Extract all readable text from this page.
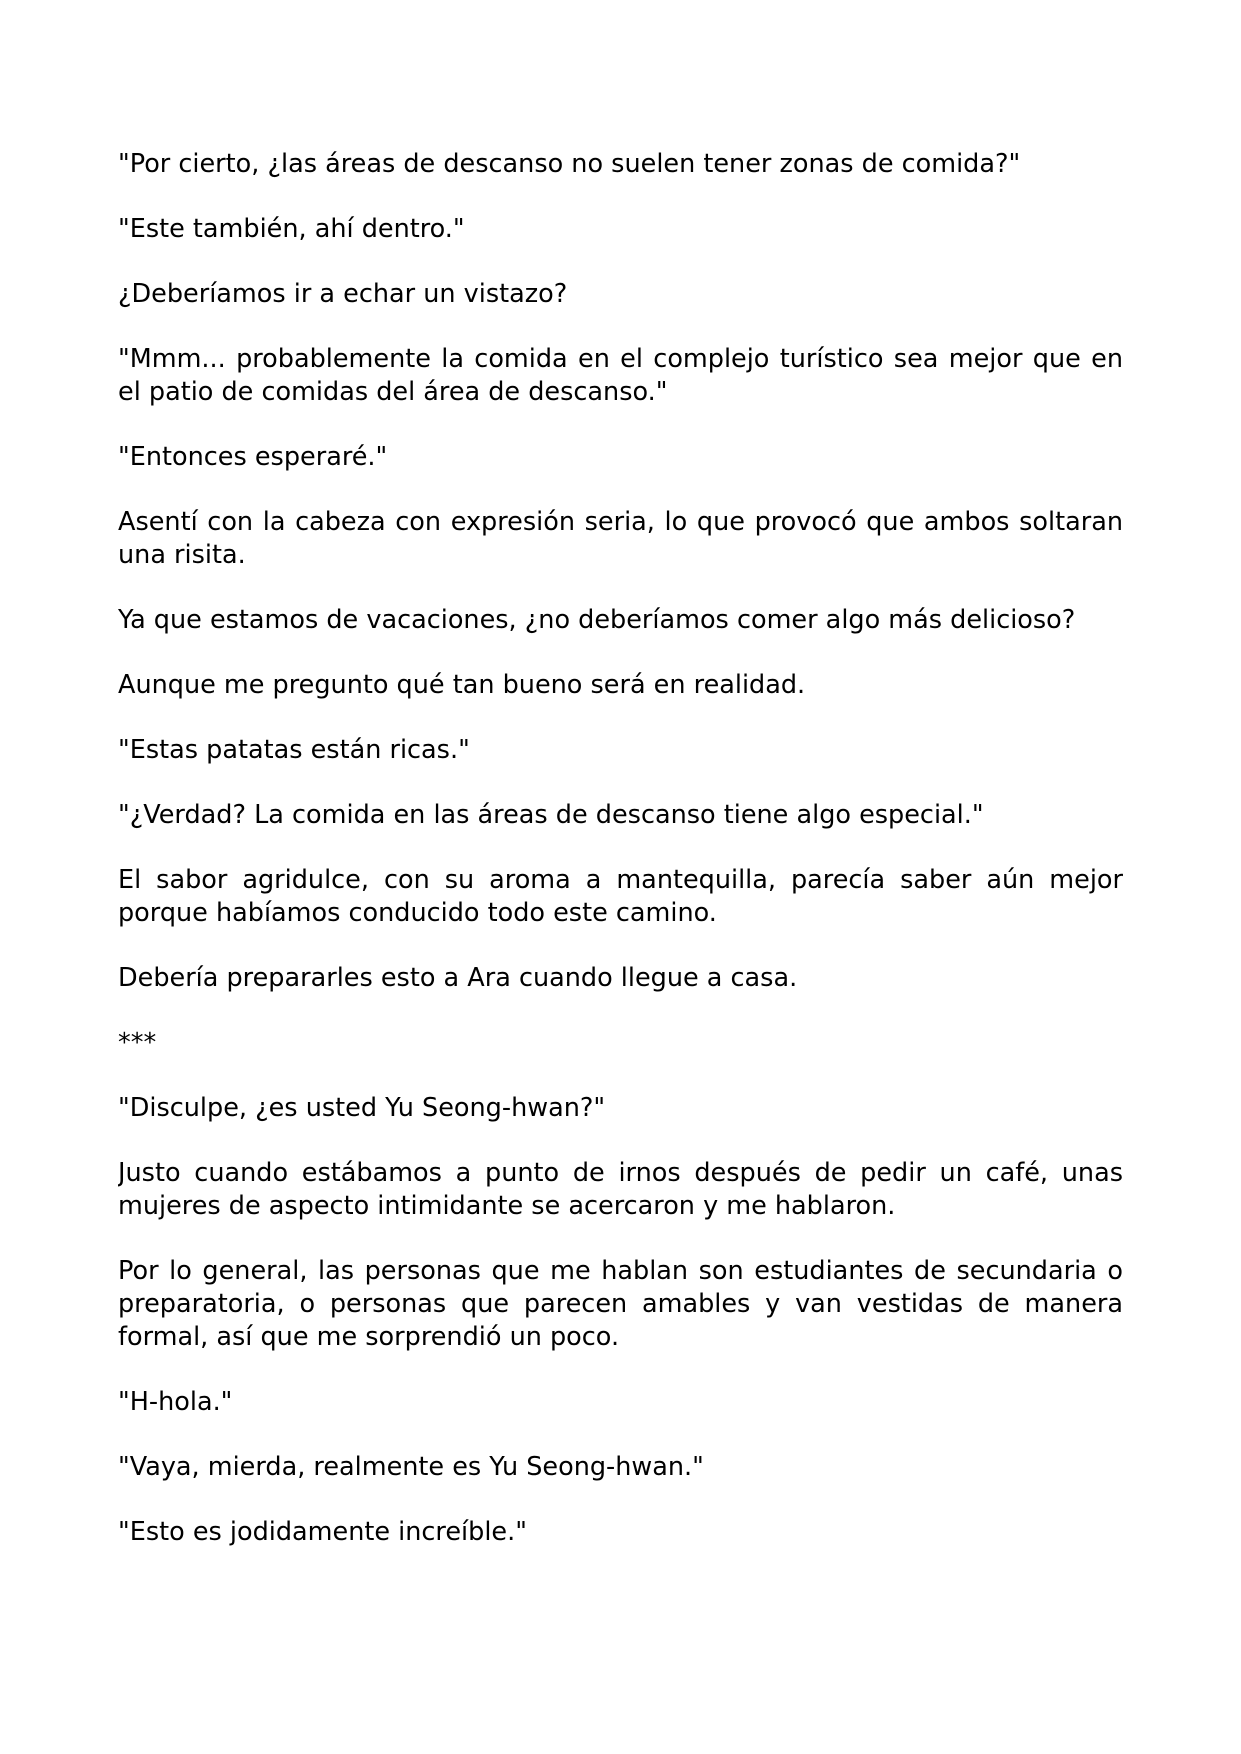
"Por cierto, ¿las áreas de descanso no suelen tener zonas de comida?"

"Este también, ahí dentro."

¿Deberíamos ir a echar un vistazo?

"Mmm... probablemente la comida en el complejo turístico sea mejor que en el patio de comidas del área de descanso."

"Entonces esperaré."

Asentí con la cabeza con expresión seria, lo que provocó que ambos soltaran una risita.

Ya que estamos de vacaciones, ¿no deberíamos comer algo más delicioso?

Aunque me pregunto qué tan bueno será en realidad.

"Estas patatas están ricas."

"¿Verdad? La comida en las áreas de descanso tiene algo especial."

El sabor agridulce, con su aroma a mantequilla, parecía saber aún mejor porque habíamos conducido todo este camino.

Debería prepararles esto a Ara cuando llegue a casa.

***

"Disculpe, ¿es usted Yu Seong-hwan?"

Justo cuando estábamos a punto de irnos después de pedir un café, unas mujeres de aspecto intimidante se acercaron y me hablaron.

Por lo general, las personas que me hablan son estudiantes de secundaria o preparatoria, o personas que parecen amables y van vestidas de manera formal, así que me sorprendió un poco.

"H-hola."

"Vaya, mierda, realmente es Yu Seong-hwan."

"Esto es jodidamente increíble."
